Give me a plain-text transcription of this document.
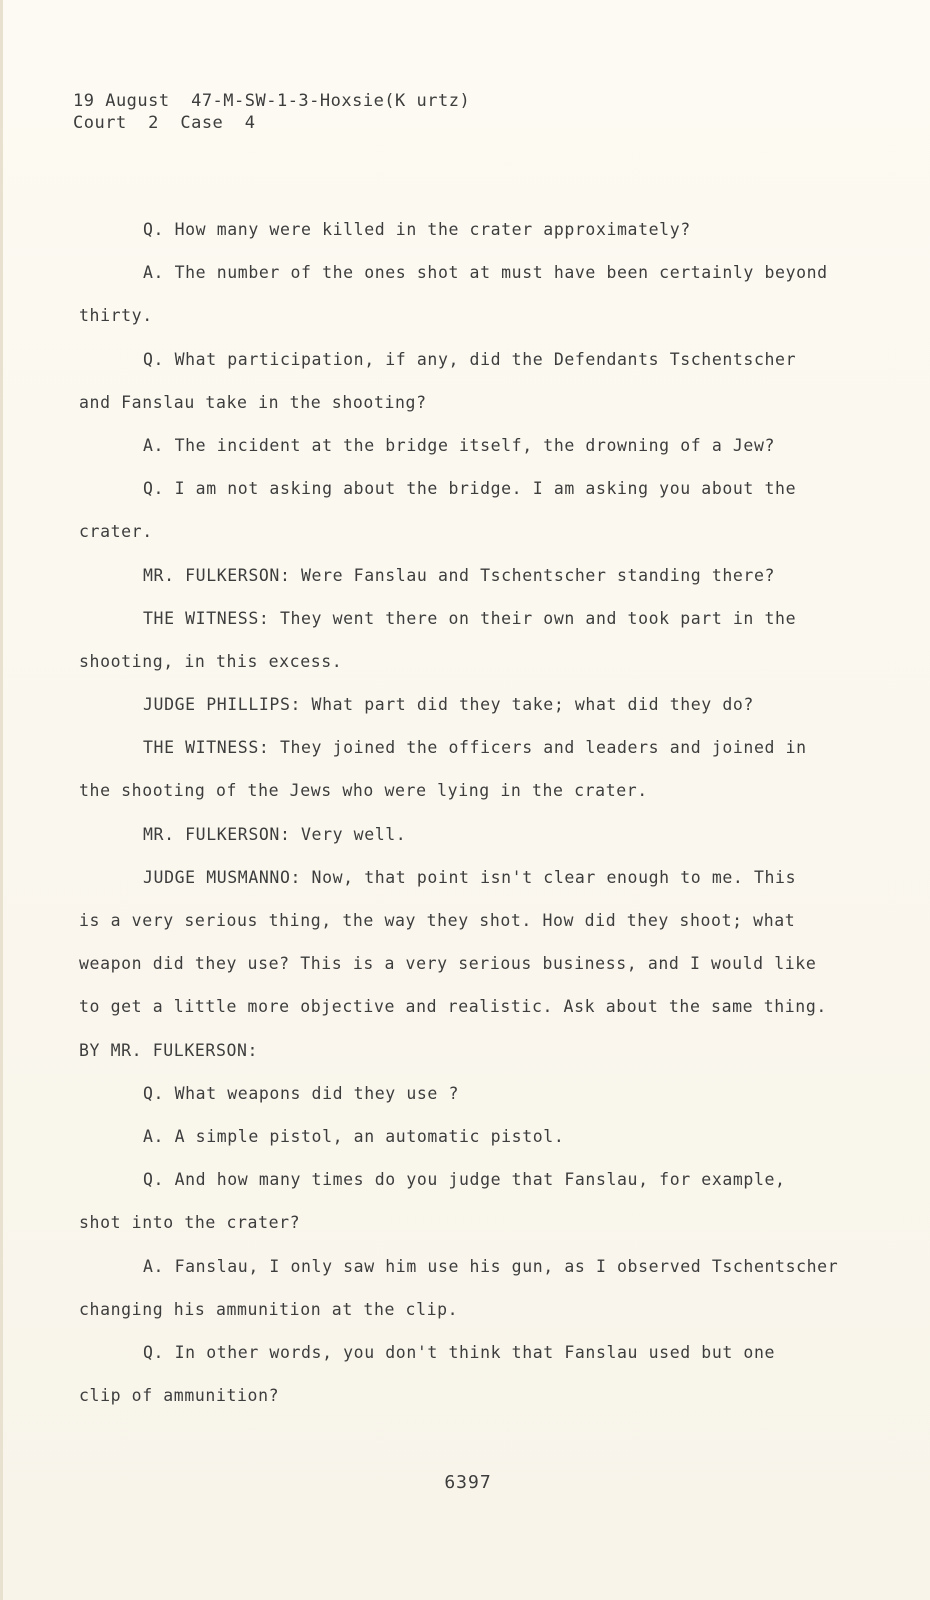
19 August  47-M-SW-1-3-Hoxsie(K urtz)
Court  2  Case  4
Q. How many were killed in the crater approximately?
A. The number of the ones shot at must have been certainly beyond
thirty.
Q. What participation, if any, did the Defendants Tschentscher
and Fanslau take in the shooting?
A. The incident at the bridge itself, the drowning of a Jew?
Q. I am not asking about the bridge. I am asking you about the
crater.
MR. FULKERSON: Were Fanslau and Tschentscher standing there?
THE WITNESS: They went there on their own and took part in the
shooting, in this excess.
JUDGE PHILLIPS: What part did they take; what did they do?
THE WITNESS: They joined the officers and leaders and joined in
the shooting of the Jews who were lying in the crater.
MR. FULKERSON: Very well.
JUDGE MUSMANNO: Now, that point isn't clear enough to me. This
is a very serious thing, the way they shot. How did they shoot; what
weapon did they use? This is a very serious business, and I would like
to get a little more objective and realistic. Ask about the same thing.
BY MR. FULKERSON:
Q. What weapons did they use ?
A. A simple pistol, an automatic pistol.
Q. And how many times do you judge that Fanslau, for example,
shot into the crater?
A. Fanslau, I only saw him use his gun, as I observed Tschentscher
changing his ammunition at the clip.
Q. In other words, you don't think that Fanslau used but one
clip of ammunition?
6397
